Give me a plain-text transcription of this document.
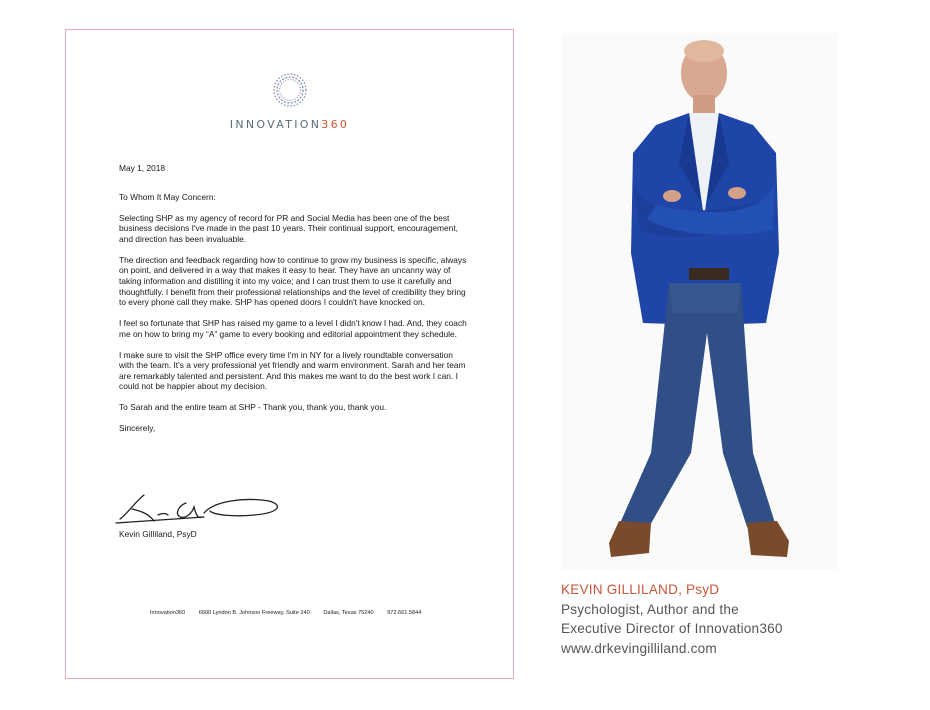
INNOVATION360

May 1, 2018

To Whom It May Concern:

Selecting SHP as my agency of record for PR and Social Media has been one of the best business decisions I've made in the past 10 years. Their continual support, encouragement, and direction has been invaluable.

The direction and feedback regarding how to continue to grow my business is specific, always on point, and delivered in a way that makes it easy to hear. They have an uncanny way of taking information and distilling it into my voice; and I can trust them to use it carefully and thoughtfully. I benefit from their professional relationships and the level of credibility they bring to every phone call they make. SHP has opened doors I couldn't have knocked on.

I feel so fortunate that SHP has raised my game to a level I didn't know I had. And, they coach me on how to bring my “A” game to every booking and editorial appointment they schedule.

I make sure to visit the SHP office every time I'm in NY for a lively roundtable conversation with the team. It's a very professional yet friendly and warm environment. Sarah and her team are remarkably talented and persistent. And this makes me want to do the best work I can. I could not be happier about my decision.

To Sarah and the entire team at SHP - Thank you, thank you, thank you.

Sincerely,

Kevin Gilliland, PsyD
Innovation360 6600 Lyndon B. Johnson Freeway, Suite 240 Dallas, Texas 75240 972.661.5844
KEVIN GILLILAND, PsyD
Psychologist, Author and the
Executive Director of Innovation360
www.drkevingilliland.com
